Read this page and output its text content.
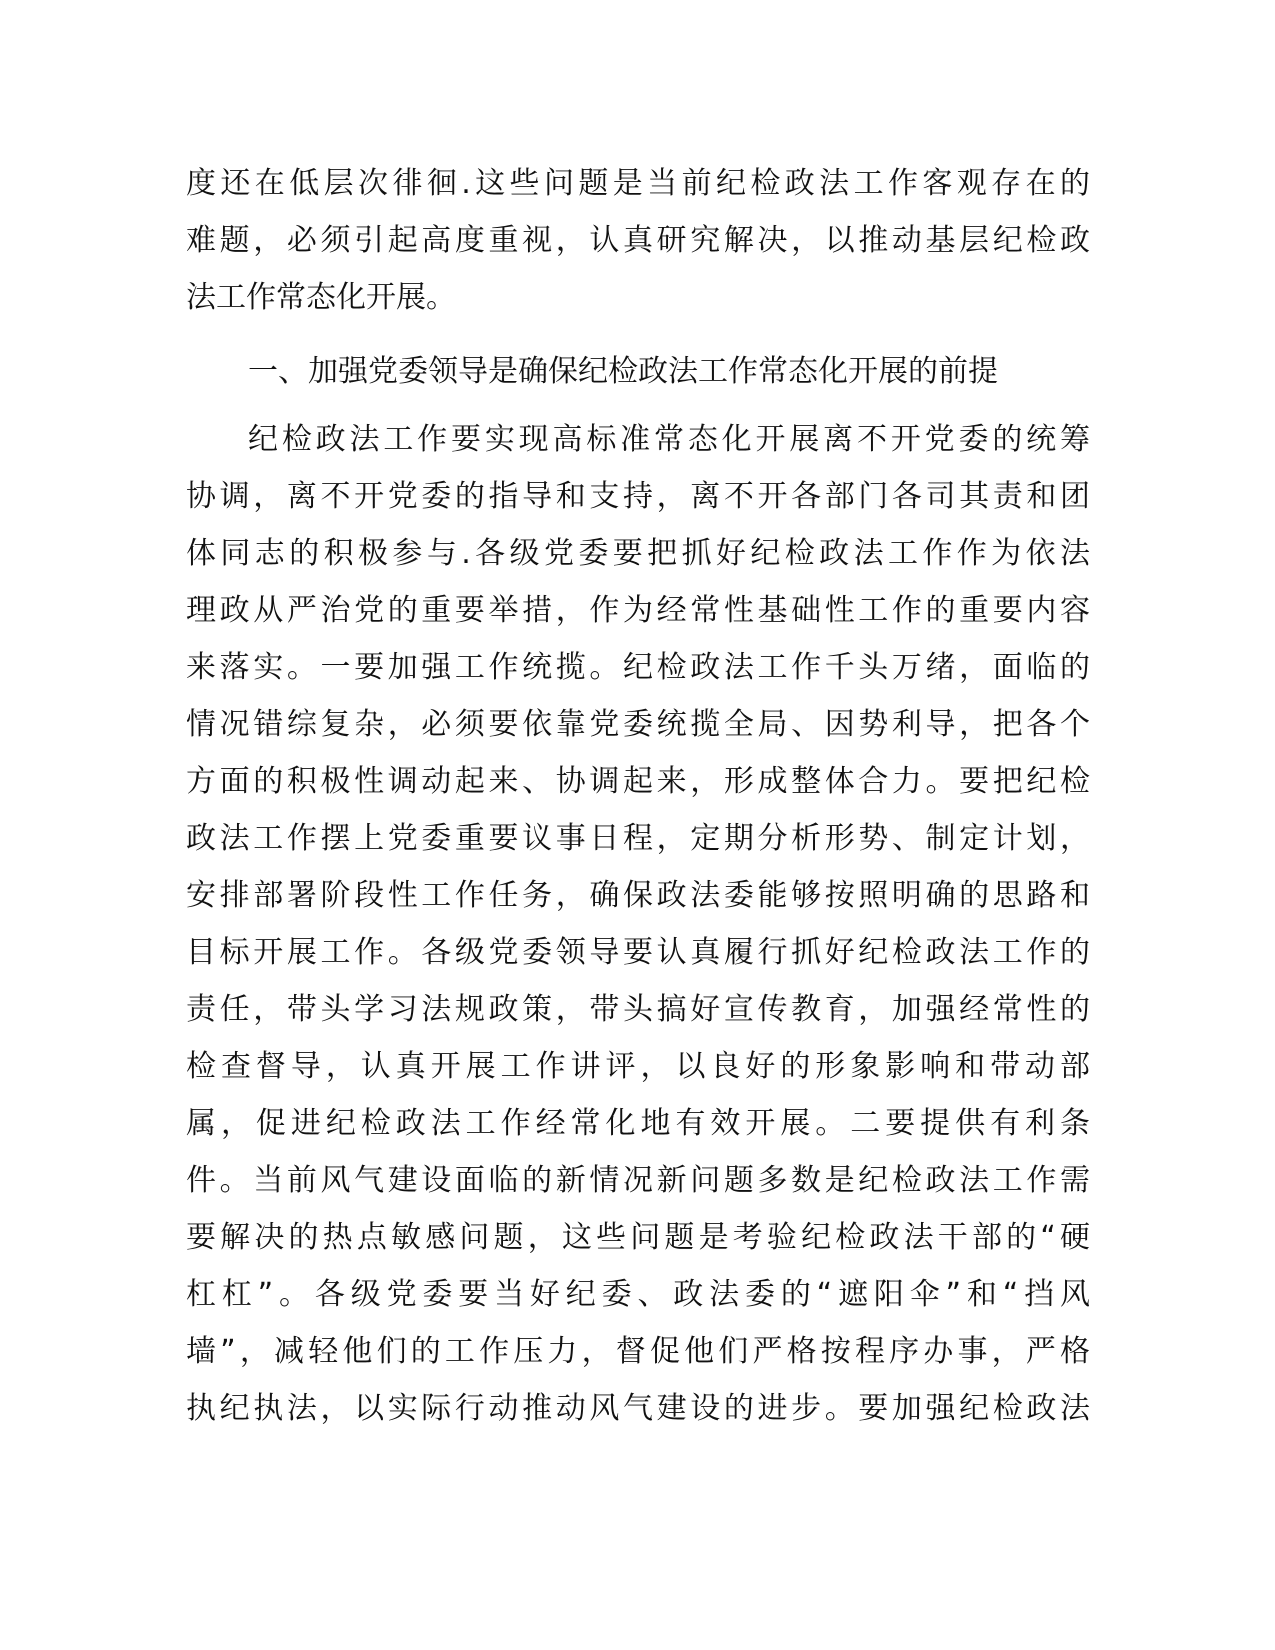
度还在低层次徘徊.这些问题是当前纪检政法工作客观存在的
难题，必须引起高度重视，认真研究解决，以推动基层纪检政
法工作常态化开展。
一、加强党委领导是确保纪检政法工作常态化开展的前提
纪检政法工作要实现高标准常态化开展离不开党委的统筹
协调，离不开党委的指导和支持，离不开各部门各司其责和团
体同志的积极参与.各级党委要把抓好纪检政法工作作为依法
理政从严治党的重要举措，作为经常性基础性工作的重要内容
来落实。一要加强工作统揽。纪检政法工作千头万绪，面临的
情况错综复杂，必须要依靠党委统揽全局、因势利导，把各个
方面的积极性调动起来、协调起来，形成整体合力。要把纪检
政法工作摆上党委重要议事日程，定期分析形势、制定计划，
安排部署阶段性工作任务，确保政法委能够按照明确的思路和
目标开展工作。各级党委领导要认真履行抓好纪检政法工作的
责任，带头学习法规政策，带头搞好宣传教育，加强经常性的
检查督导，认真开展工作讲评，以良好的形象影响和带动部
属，促进纪检政法工作经常化地有效开展。二要提供有利条
件。当前风气建设面临的新情况新问题多数是纪检政法工作需
要解决的热点敏感问题，这些问题是考验纪检政法干部的“硬
杠杠”。各级党委要当好纪委、政法委的“遮阳伞”和“挡风
墙”，减轻他们的工作压力，督促他们严格按程序办事，严格
执纪执法，以实际行动推动风气建设的进步。要加强纪检政法
